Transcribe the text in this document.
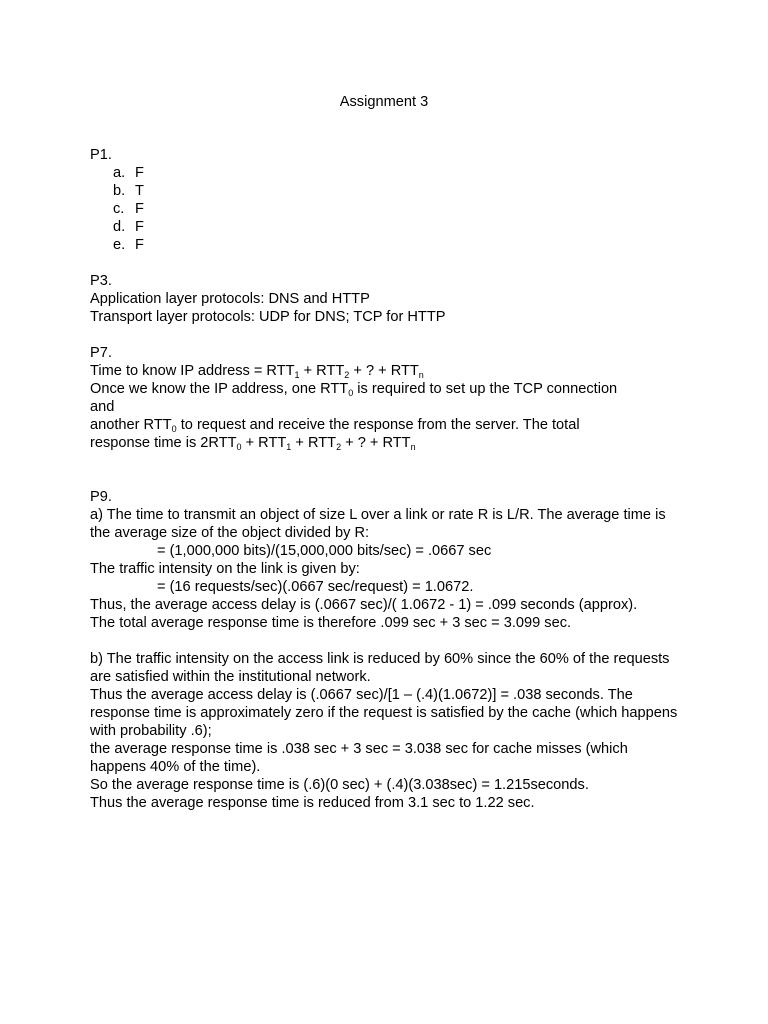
Assignment 3
P1.
a. F
b. T
c. F
d. F
e. F
P3.
Application layer protocols: DNS and HTTP
Transport layer protocols: UDP for DNS; TCP for HTTP
P7.
Time to know IP address = $RTT_1 + RTT_2$ + ? + $RTT_n$
Once we know the IP address, one $RTT_0$ is required to set up the TCP connection
and
another $RTT_0$ to request and receive the response from the server. The total
response time is $2RTT_0 + RTT_1 + RTT_2$ + ? + $RTT_n$
P9.
a) The time to transmit an object of size L over a link or rate R is L/R. The average time is the average size of the object divided by R:
= (1,000,000 bits)/(15,000,000 bits/sec) = .0667 sec
The traffic intensity on the link is given by:
= (16 requests/sec)(.0667 sec/request) = 1.0672.
Thus, the average access delay is (.0667 sec)/( 1.0672 - 1) = .099 seconds (approx).
The total average response time is therefore .099 sec + 3 sec = 3.099 sec.
b) The traffic intensity on the access link is reduced by 60% since the 60% of the requests are satisfied within the institutional network.
Thus the average access delay is (.0667 sec)/[1 – (.4)(1.0672)] = .038 seconds. The response time is approximately zero if the request is satisfied by the cache (which happens with probability .6);
the average response time is .038 sec + 3 sec = 3.038 sec for cache misses (which happens 40% of the time).
So the average response time is (.6)(0 sec) + (.4)(3.038sec) = 1.215seconds.
Thus the average response time is reduced from 3.1 sec to 1.22 sec.
